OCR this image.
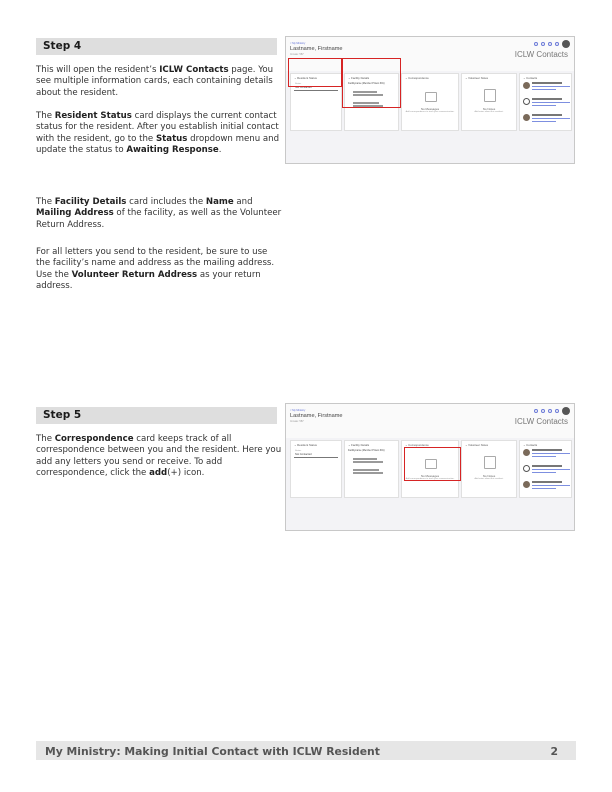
Step 4
This will open the resident’s ICLW Contacts page. You see multiple information cards, each containing details about the resident.
The Resident Status card displays the current contact status for the resident. After you establish initial contact with the resident, go to the Status dropdown menu and update the status to Awaiting Response.
The Facility Details card includes the Name and Mailing Address of the facility, as well as the Volunteer Return Address.
For all letters you send to the resident, be sure to use the facility’s name and address as the mailing address. Use the Volunteer Return Address as your return address.
< My Ministry
Lastname, Firstname
Inmate: 587	ICLW Contacts
⌄ Resident Status
Status
Not Contacted
⌄ Facility Details
Facilityname (Member Prison #01)
⌄ Correspondence
No Messages
Add correspondence to track your communication.
⌄ Volunteer Notes
No Notes
Add notes about this resident.
⌄ Contacts
Step 5
The Correspondence card keeps track of all correspondence between you and the resident. Here you add any letters you send or receive. To add correspondence, click the add(+) icon.
< My Ministry
Lastname, Firstname
Inmate: 587	ICLW Contacts
⌄ Resident Status
Status
Not Contacted
⌄ Facility Details
Facilityname (Member Prison #01)
⌄ Correspondence
No Messages
Add correspondence to track your communication.
⌄ Volunteer Notes
No Notes
Add notes about this resident.
⌄ Contacts
My Ministry: Making Initial Contact with ICLW Resident	2
